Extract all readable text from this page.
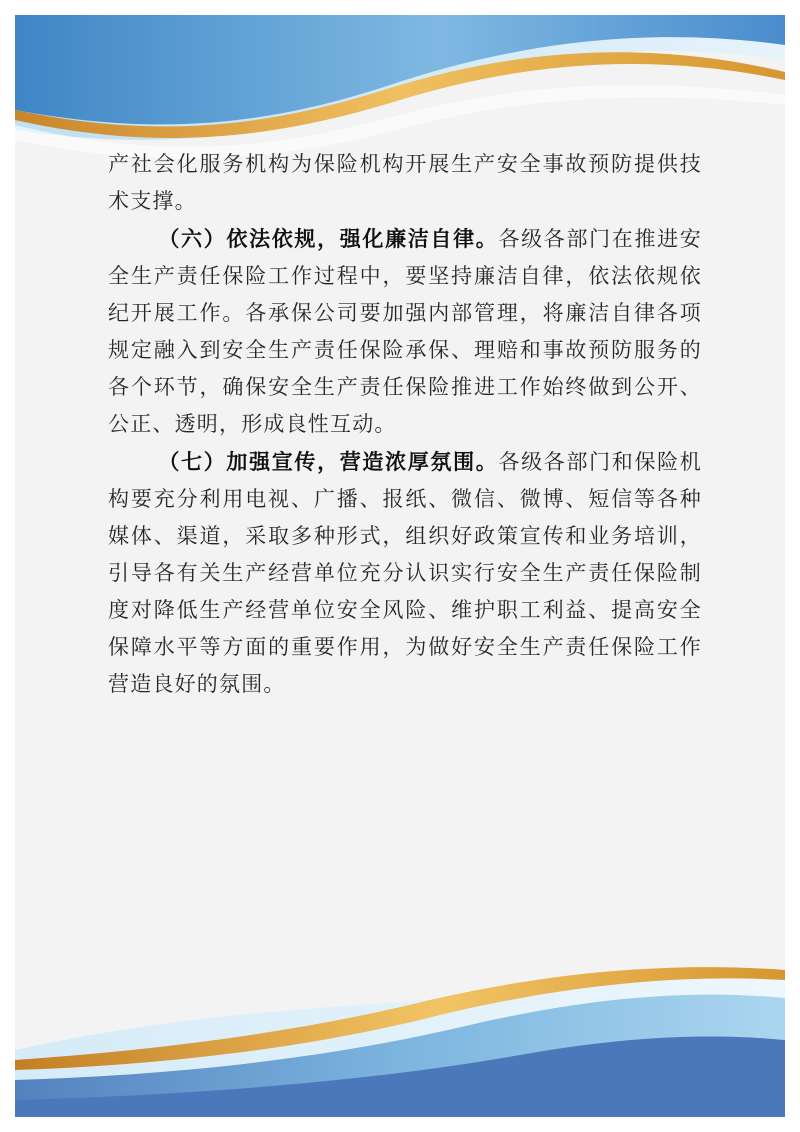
产社会化服务机构为保险机构开展生产安全事故预防提供技术支撑。

（六）依法依规，强化廉洁自律。各级各部门在推进安全生产责任保险工作过程中，要坚持廉洁自律，依法依规依纪开展工作。各承保公司要加强内部管理，将廉洁自律各项规定融入到安全生产责任保险承保、理赔和事故预防服务的各个环节，确保安全生产责任保险推进工作始终做到公开、公正、透明，形成良性互动。

（七）加强宣传，营造浓厚氛围。各级各部门和保险机构要充分利用电视、广播、报纸、微信、微博、短信等各种媒体、渠道，采取多种形式，组织好政策宣传和业务培训，引导各有关生产经营单位充分认识实行安全生产责任保险制度对降低生产经营单位安全风险、维护职工利益、提高安全保障水平等方面的重要作用，为做好安全生产责任保险工作营造良好的氛围。
